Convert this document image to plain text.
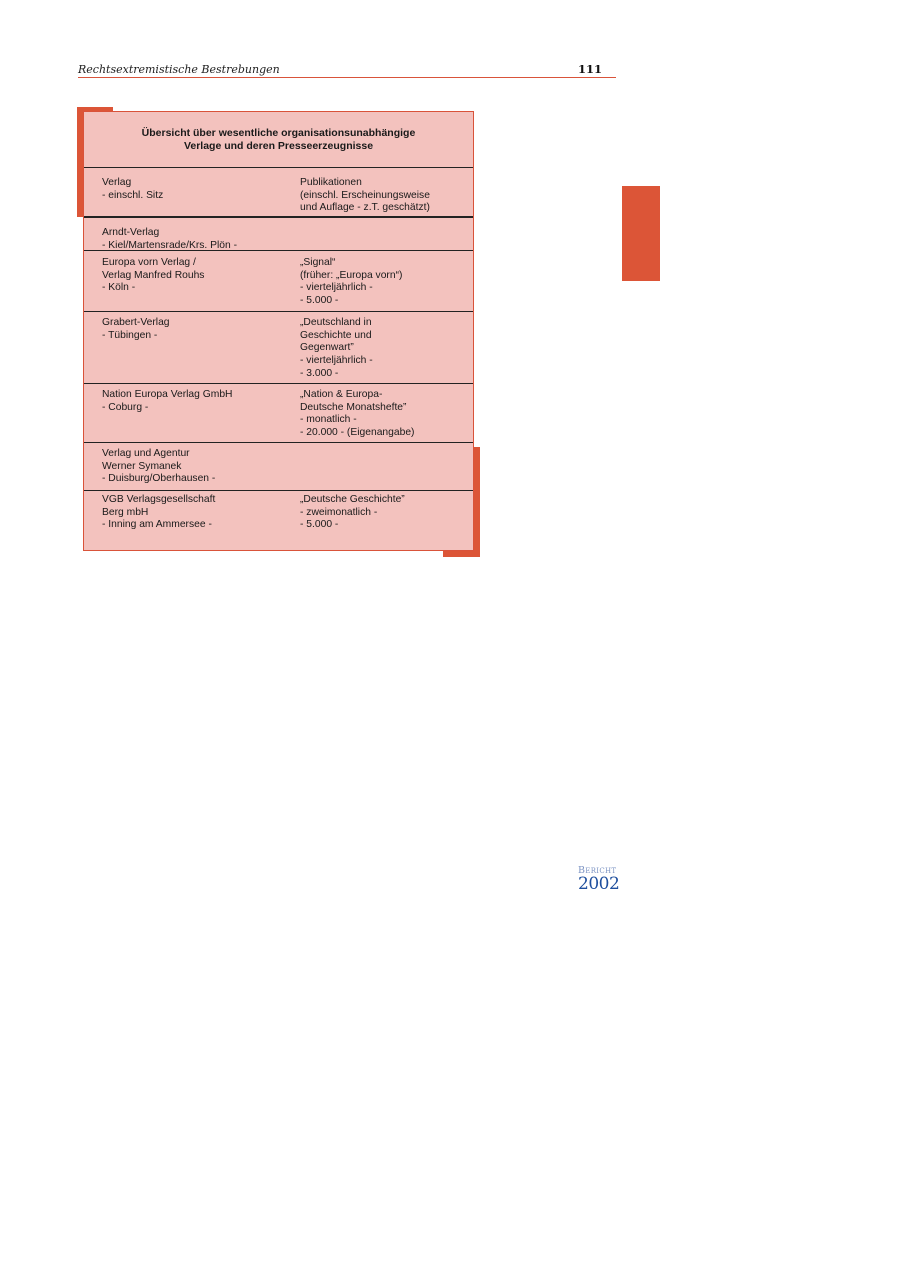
Rechtsextremistische Bestrebungen	111
Übersicht über wesentliche organisationsunabhängige
Verlage und deren Presseerzeugnisse
Verlag
- einschl. Sitz
Publikationen
(einschl. Erscheinungsweise
und Auflage - z.T. geschätzt)
Arndt-Verlag
- Kiel/Martensrade/Krs. Plön -
Europa vorn Verlag /
Verlag Manfred Rouhs
- Köln -
„Signal“
(früher: „Europa vorn“)
- vierteljährlich -
- 5.000 -
Grabert-Verlag
- Tübingen -
„Deutschland in
Geschichte und
Gegenwart”
- vierteljährlich -
- 3.000 -
Nation Europa Verlag GmbH
- Coburg -
„Nation & Europa-
Deutsche Monatshefte”
- monatlich -
- 20.000 - (Eigenangabe)
Verlag und Agentur
Werner Symanek
- Duisburg/Oberhausen -
VGB Verlagsgesellschaft
Berg mbH
- Inning am Ammersee -
„Deutsche Geschichte”
- zweimonatlich -
- 5.000 -
Bericht
2002
